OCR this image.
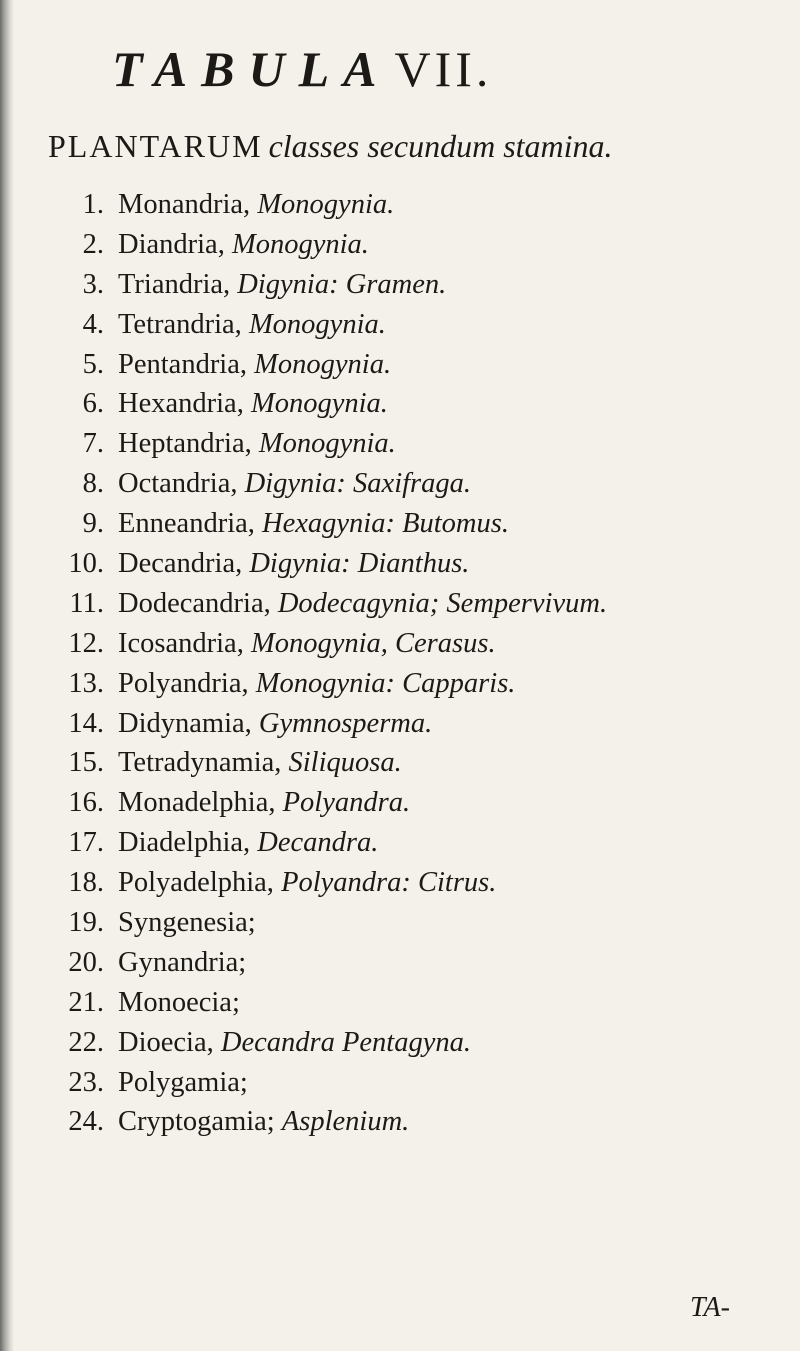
TABULAVII.
PLANTARUM classes secundum stamina.
1. Monandria, Monogynia.
2. Diandria, Monogynia.
3. Triandria, Digynia: Gramen.
4. Tetrandria, Monogynia.
5. Pentandria, Monogynia.
6. Hexandria, Monogynia.
7. Heptandria, Monogynia.
8. Octandria, Digynia: Saxifraga.
9. Enneandria, Hexagynia: Butomus.
10. Decandria, Digynia: Dianthus.
11. Dodecandria, Dodecagynia; Sempervivum.
12. Icosandria, Monogynia, Cerasus.
13. Polyandria, Monogynia: Capparis.
14. Didynamia, Gymnosperma.
15. Tetradynamia, Siliquosa.
16. Monadelphia, Polyandra.
17. Diadelphia, Decandra.
18. Polyadelphia, Polyandra: Citrus.
19. Syngenesia;
20. Gynandria;
21. Monoecia;
22. Dioecia, Decandra Pentagyna.
23. Polygamia;
24. Cryptogamia; Asplenium.
TA-
